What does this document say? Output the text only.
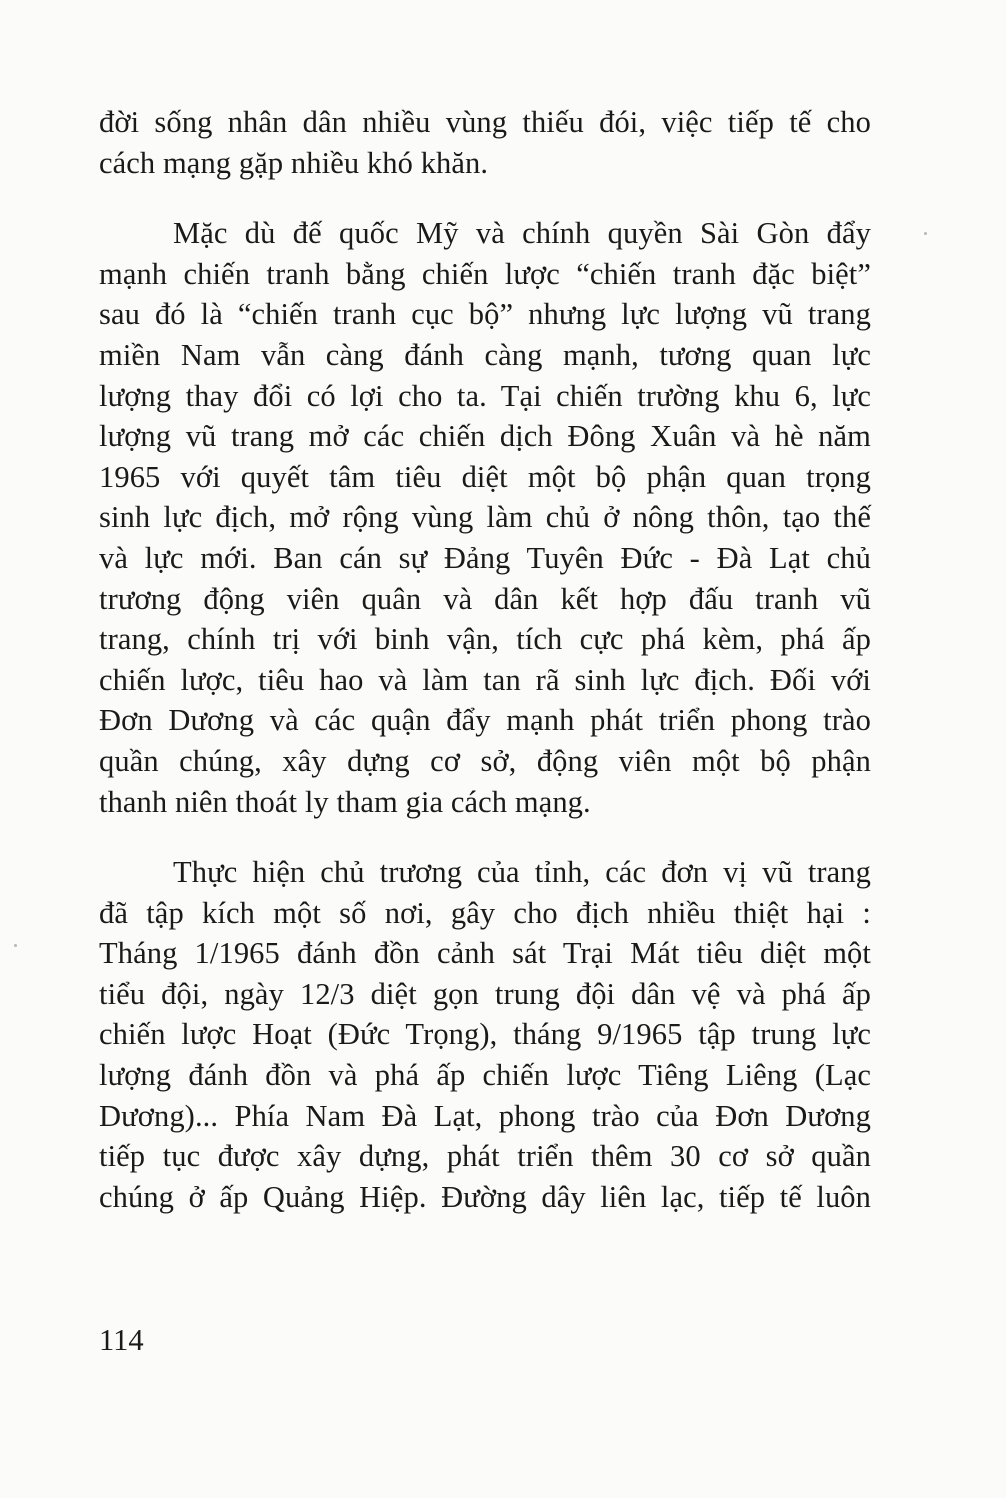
đời sống nhân dân nhiều vùng thiếu đói, việc tiếp tế cho
cách mạng gặp nhiều khó khăn.
Mặc dù đế quốc Mỹ và chính quyền Sài Gòn đẩy
mạnh chiến tranh bằng chiến lược “chiến tranh đặc biệt”
sau đó là “chiến tranh cục bộ” nhưng lực lượng vũ trang
miền Nam vẫn càng đánh càng mạnh, tương quan lực
lượng thay đổi có lợi cho ta. Tại chiến trường khu 6, lực
lượng vũ trang mở các chiến dịch Đông Xuân và hè năm
1965 với quyết tâm tiêu diệt một bộ phận quan trọng
sinh lực địch, mở rộng vùng làm chủ ở nông thôn, tạo thế
và lực mới. Ban cán sự Đảng Tuyên Đức - Đà Lạt chủ
trương động viên quân và dân kết hợp đấu tranh vũ
trang, chính trị với binh vận, tích cực phá kèm, phá ấp
chiến lược, tiêu hao và làm tan rã sinh lực địch. Đối với
Đơn Dương và các quận đẩy mạnh phát triển phong trào
quần chúng, xây dựng cơ sở, động viên một bộ phận
thanh niên thoát ly tham gia cách mạng.
Thực hiện chủ trương của tỉnh, các đơn vị vũ trang
đã tập kích một số nơi, gây cho địch nhiều thiệt hại :
Tháng 1/1965 đánh đồn cảnh sát Trại Mát tiêu diệt một
tiểu đội, ngày 12/3 diệt gọn trung đội dân vệ và phá ấp
chiến lược Hoạt (Đức Trọng), tháng 9/1965 tập trung lực
lượng đánh đồn và phá ấp chiến lược Tiêng Liêng (Lạc
Dương)... Phía Nam Đà Lạt, phong trào của Đơn Dương
tiếp tục được xây dựng, phát triển thêm 30 cơ sở quần
chúng ở ấp Quảng Hiệp. Đường dây liên lạc, tiếp tế luôn
114
